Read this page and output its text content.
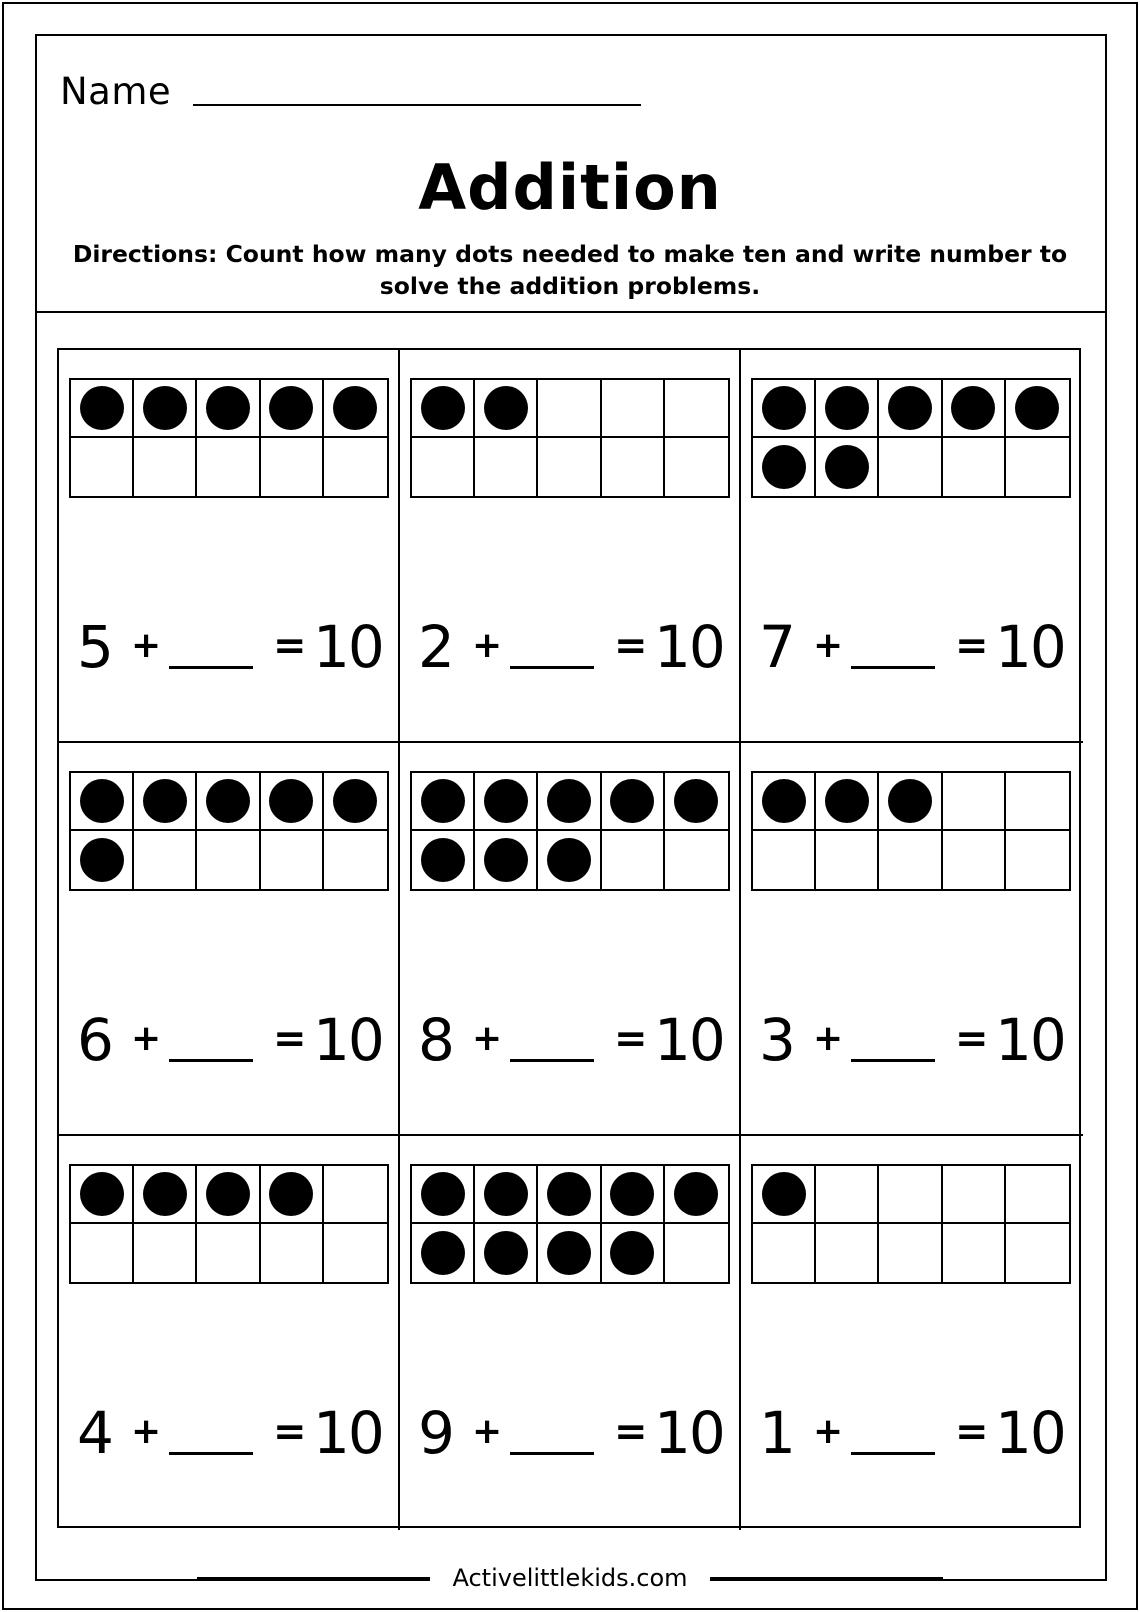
Name
Addition
Directions: Count how many dots needed to make ten and write number to solve the addition problems.
5 +	= 10 2 +	= 10 7 +	= 10
6 +	= 10 8 +	= 10 3 +	= 10
4 +	= 10 9 +	= 10 1 +	= 10
Activelittlekids.com
